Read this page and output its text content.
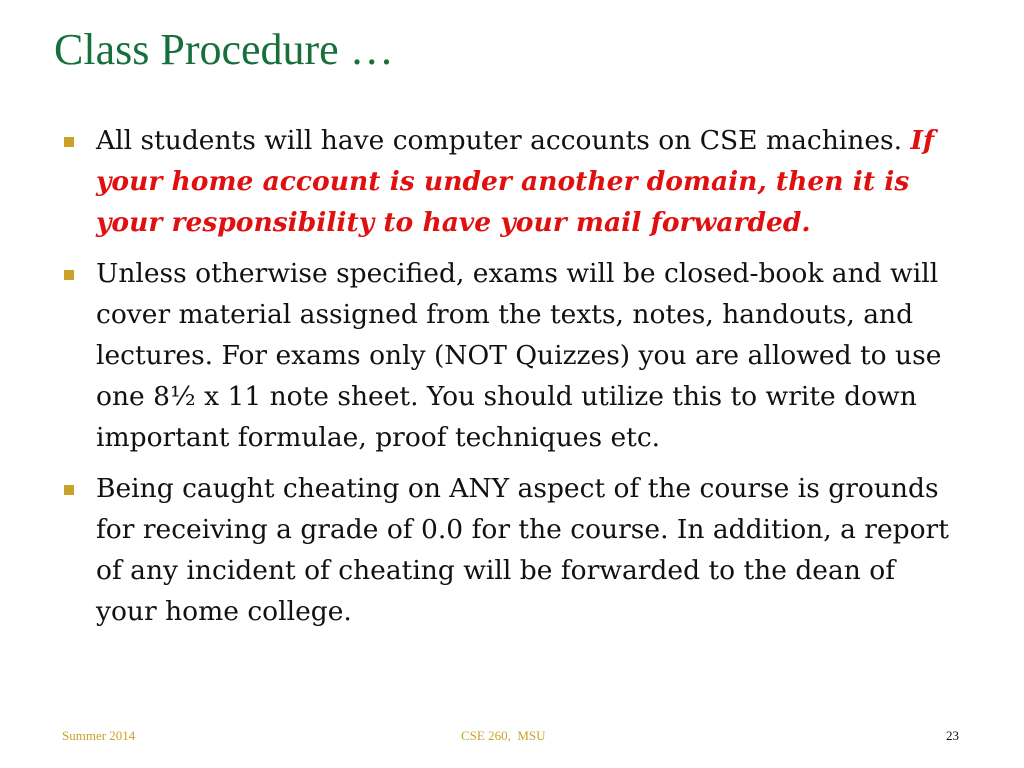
Class Procedure …
All students will have computer accounts on CSE machines. If your home account is under another domain, then it is your responsibility to have your mail forwarded.
Unless otherwise specified, exams will be closed-book and will cover material assigned from the texts, notes, handouts, and lectures. For exams only (NOT Quizzes) you are allowed to use one 8½ x 11 note sheet. You should utilize this to write down important formulae, proof techniques etc.
Being caught cheating on ANY aspect of the course is grounds for receiving a grade of 0.0 for the course. In addition, a report of any incident of cheating will be forwarded to the dean of your home college.
Summer 2014	CSE 260,  MSU	23
